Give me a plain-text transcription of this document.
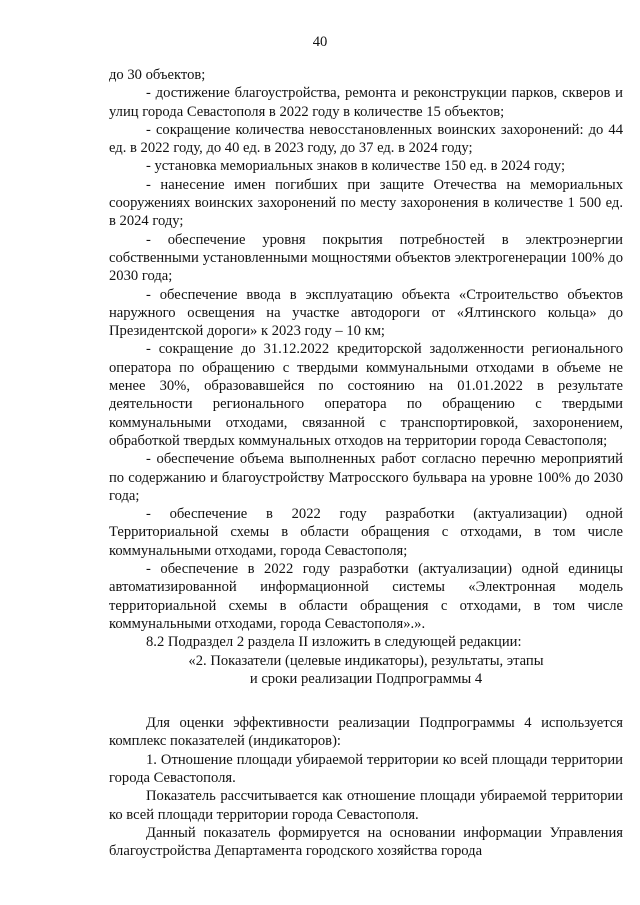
40

до 30 объектов;

- достижение благоустройства, ремонта и реконструкции парков, скверов и улиц города Севастополя в 2022 году в количестве 15 объектов;

- сокращение количества невосстановленных воинских захоронений: до 44 ед. в 2022 году, до 40 ед. в 2023 году, до 37 ед. в 2024 году;

- установка мемориальных знаков в количестве 150 ед. в 2024 году;

- нанесение имен погибших при защите Отечества на мемориальных сооружениях воинских захоронений по месту захоронения в количестве 1 500 ед. в 2024 году;

- обеспечение уровня покрытия потребностей в электроэнергии собственными установленными мощностями объектов электрогенерации 100% до 2030 года;

- обеспечение ввода в эксплуатацию объекта «Строительство объектов наружного освещения на участке автодороги от «Ялтинского кольца» до Президентской дороги» к 2023 году – 10 км;

- сокращение до 31.12.2022 кредиторской задолженности регионального оператора по обращению с твердыми коммунальными отходами в объеме не менее 30%, образовавшейся по состоянию на 01.01.2022 в результате деятельности регионального оператора по обращению с твердыми коммунальными отходами, связанной с транспортировкой, захоронением, обработкой твердых коммунальных отходов на территории города Севастополя;

- обеспечение объема выполненных работ согласно перечню мероприятий по содержанию и благоустройству Матросского бульвара на уровне 100% до 2030 года;

- обеспечение в 2022 году разработки (актуализации) одной Территориальной схемы в области обращения с отходами, в том числе коммунальными отходами, города Севастополя;

- обеспечение в 2022 году разработки (актуализации) одной единицы автоматизированной информационной системы «Электронная модель территориальной схемы в области обращения с отходами, в том числе коммунальными отходами, города Севастополя».».

8.2 Подраздел 2 раздела II изложить в следующей редакции:

«2. Показатели (целевые индикаторы), результаты, этапы

и сроки реализации Подпрограммы 4

Для оценки эффективности реализации Подпрограммы 4 используется комплекс показателей (индикаторов):

1. Отношение площади убираемой территории ко всей площади территории города Севастополя.

Показатель рассчитывается как отношение площади убираемой территории ко всей площади территории города Севастополя.

Данный показатель формируется на основании информации Управления благоустройства Департамента городского хозяйства города
